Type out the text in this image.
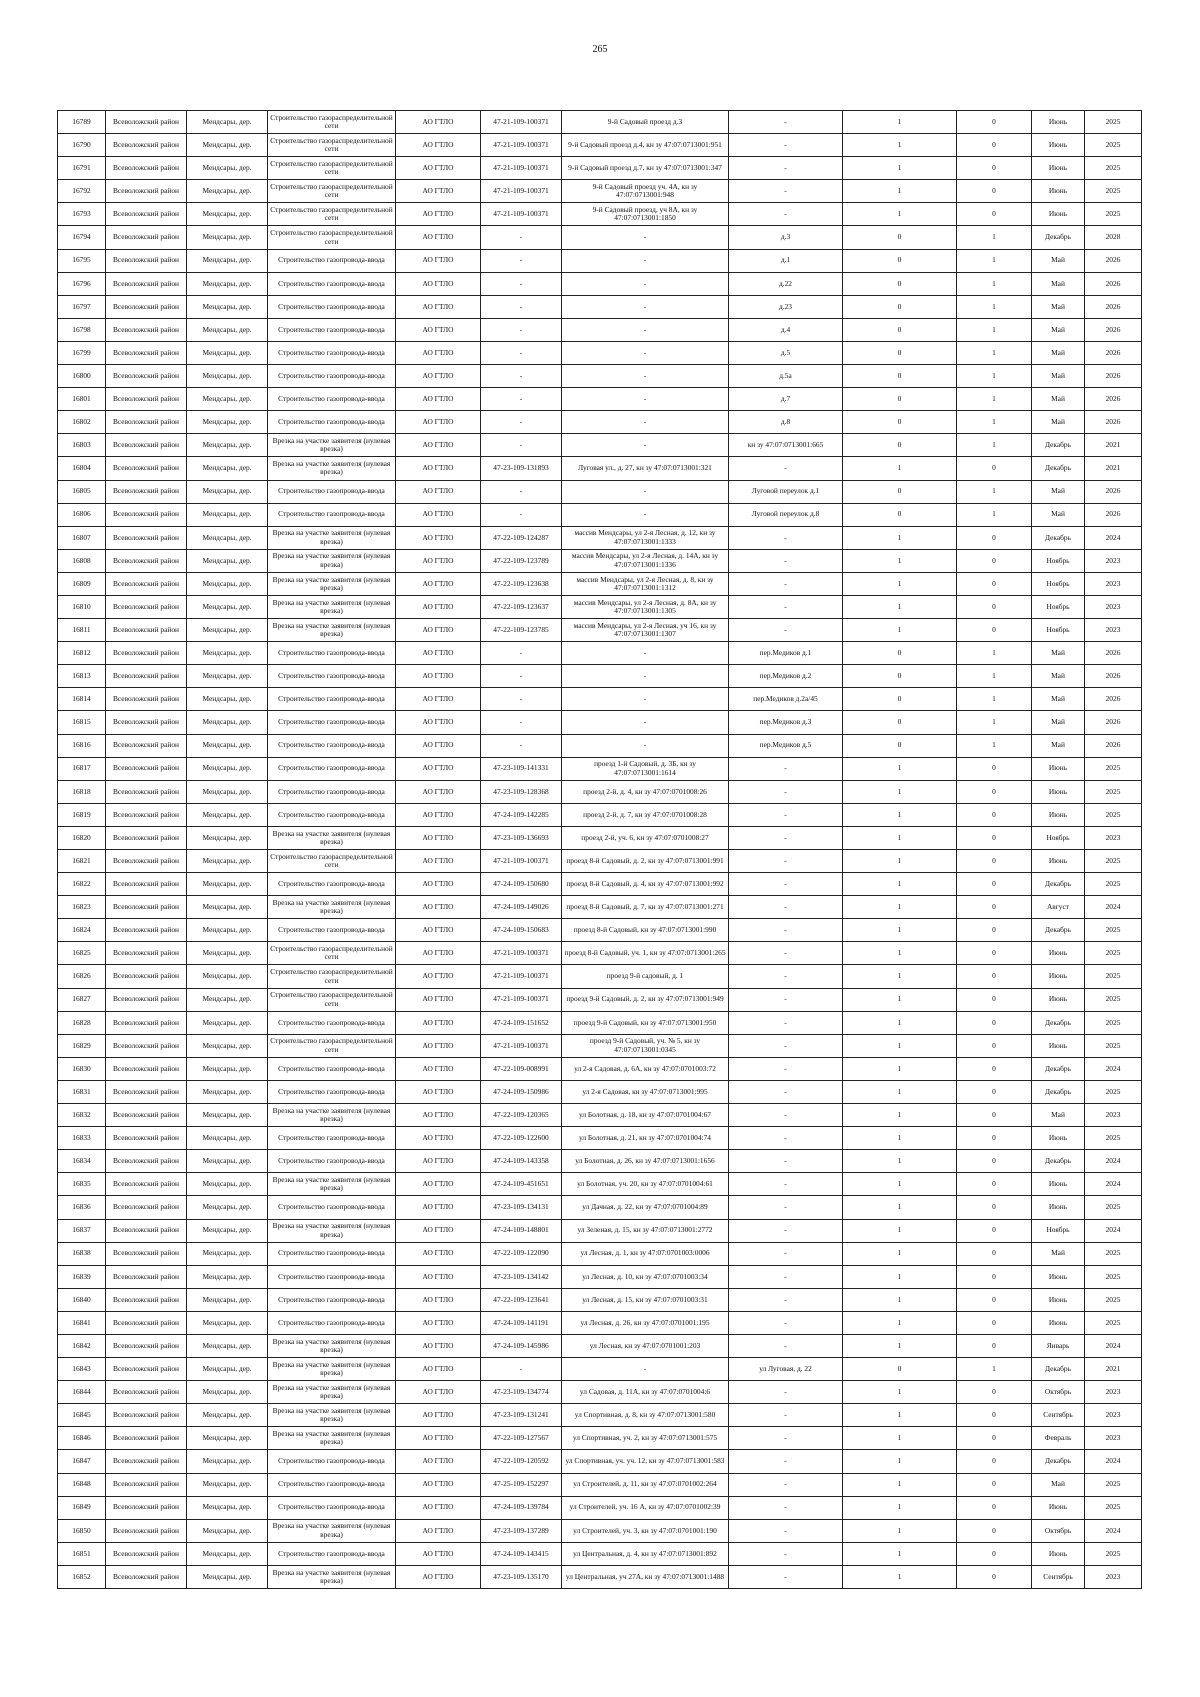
265
16789	Всеволожский район	Мендсары, дер.	Строительство газораспределительной сети	АО ГТЛО	47-21-109-100371	9-й Садовый проезд д.3	-	1	0	Июнь	2025
16790	Всеволожский район	Мендсары, дер.	Строительство газораспределительной сети	АО ГТЛО	47-21-109-100371	9-й Садовый проезд д.4, кн зу 47:07:0713001:951	-	1	0	Июнь	2025
16791	Всеволожский район	Мендсары, дер.	Строительство газораспределительной сети	АО ГТЛО	47-21-109-100371	9-й Садовый проезд д.7, кн зу 47:07:0713001:347	-	1	0	Июнь	2025
16792	Всеволожский район	Мендсары, дер.	Строительство газораспределительной сети	АО ГТЛО	47-21-109-100371	9-й Садовый проезд уч. 4А, кн зу 47:07:0713001:948	-	1	0	Июнь	2025
16793	Всеволожский район	Мендсары, дер.	Строительство газораспределительной сети	АО ГТЛО	47-21-109-100371	9-й Садовый проезд, уч 8А, кн зу 47:07:0713001:1850	-	1	0	Июнь	2025
16794	Всеволожский район	Мендсары, дер.	Строительство газораспределительной сети	АО ГТЛО	-	-	д.3	0	1	Декабрь	2028
16795	Всеволожский район	Мендсары, дер.	Строительство газопровода-ввода	АО ГТЛО	-	-	д.1	0	1	Май	2026
16796	Всеволожский район	Мендсары, дер.	Строительство газопровода-ввода	АО ГТЛО	-	-	д.22	0	1	Май	2026
16797	Всеволожский район	Мендсары, дер.	Строительство газопровода-ввода	АО ГТЛО	-	-	д.23	0	1	Май	2026
16798	Всеволожский район	Мендсары, дер.	Строительство газопровода-ввода	АО ГТЛО	-	-	д.4	0	1	Май	2026
16799	Всеволожский район	Мендсары, дер.	Строительство газопровода-ввода	АО ГТЛО	-	-	д.5	0	1	Май	2026
16800	Всеволожский район	Мендсары, дер.	Строительство газопровода-ввода	АО ГТЛО	-	-	д.5а	0	1	Май	2026
16801	Всеволожский район	Мендсары, дер.	Строительство газопровода-ввода	АО ГТЛО	-	-	д.7	0	1	Май	2026
16802	Всеволожский район	Мендсары, дер.	Строительство газопровода-ввода	АО ГТЛО	-	-	д.8	0	1	Май	2026
16803	Всеволожский район	Мендсары, дер.	Врезка на участке заявителя (нулевая врезка)	АО ГТЛО	-	-	кн зу 47:07:0713001:665	0	1	Декабрь	2021
16804	Всеволожский район	Мендсары, дер.	Врезка на участке заявителя (нулевая врезка)	АО ГТЛО	47-23-109-131893	Луговая ул., д. 27, кн зу 47:07:0713001:321	-	1	0	Декабрь	2021
16805	Всеволожский район	Мендсары, дер.	Строительство газопровода-ввода	АО ГТЛО	-	-	Луговой переулок д.1	0	1	Май	2026
16806	Всеволожский район	Мендсары, дер.	Строительство газопровода-ввода	АО ГТЛО	-	-	Луговой переулок д.8	0	1	Май	2026
16807	Всеволожский район	Мендсары, дер.	Врезка на участке заявителя (нулевая врезка)	АО ГТЛО	47-22-109-124287	массив Мендсары, ул 2-я Лесная, д. 12, кн зу 47:07:0713001:1333	-	1	0	Декабрь	2024
16808	Всеволожский район	Мендсары, дер.	Врезка на участке заявителя (нулевая врезка)	АО ГТЛО	47-22-109-123789	массив Мендсары, ул 2-я Лесная, д. 14А, кн зу 47:07:0713001:1336	-	1	0	Ноябрь	2023
16809	Всеволожский район	Мендсары, дер.	Врезка на участке заявителя (нулевая врезка)	АО ГТЛО	47-22-109-123638	массив Мендсары, ул 2-я Лесная, д. 8, кн зу 47:07:0713001:1312	-	1	0	Ноябрь	2023
16810	Всеволожский район	Мендсары, дер.	Врезка на участке заявителя (нулевая врезка)	АО ГТЛО	47-22-109-123637	массив Мендсары, ул 2-я Лесная, д. 8А, кн зу 47:07:0713001:1305	-	1	0	Ноябрь	2023
16811	Всеволожский район	Мендсары, дер.	Врезка на участке заявителя (нулевая врезка)	АО ГТЛО	47-22-109-123785	массив Мендсары, ул 2-я Лесная, уч 16, кн зу 47:07:0713001:1307	-	1	0	Ноябрь	2023
16812	Всеволожский район	Мендсары, дер.	Строительство газопровода-ввода	АО ГТЛО	-	-	пер.Медиков д.1	0	1	Май	2026
16813	Всеволожский район	Мендсары, дер.	Строительство газопровода-ввода	АО ГТЛО	-	-	пер.Медиков д.2	0	1	Май	2026
16814	Всеволожский район	Мендсары, дер.	Строительство газопровода-ввода	АО ГТЛО	-	-	пер.Медиков д.2а/45	0	1	Май	2026
16815	Всеволожский район	Мендсары, дер.	Строительство газопровода-ввода	АО ГТЛО	-	-	пер.Медиков д.3	0	1	Май	2026
16816	Всеволожский район	Мендсары, дер.	Строительство газопровода-ввода	АО ГТЛО	-	-	пер.Медиков д.5	0	1	Май	2026
16817	Всеволожский район	Мендсары, дер.	Строительство газопровода-ввода	АО ГТЛО	47-23-109-141331	проезд 1-й Садовый, д. 3Б, кн зу 47:07:0713001:1614	-	1	0	Июнь	2025
16818	Всеволожский район	Мендсары, дер.	Строительство газопровода-ввода	АО ГТЛО	47-23-109-128368	проезд 2-й, д. 4, кн зу 47:07:0701008:26	-	1	0	Июнь	2025
16819	Всеволожский район	Мендсары, дер.	Строительство газопровода-ввода	АО ГТЛО	47-24-109-142285	проезд 2-й, д. 7, кн зу 47:07:0701008:28	-	1	0	Июнь	2025
16820	Всеволожский район	Мендсары, дер.	Врезка на участке заявителя (нулевая врезка)	АО ГТЛО	47-23-109-136693	проезд 2-й, уч. 6, кн зу 47:07:0701008:27	-	1	0	Ноябрь	2023
16821	Всеволожский район	Мендсары, дер.	Строительство газораспределительной сети	АО ГТЛО	47-21-109-100371	проезд 8-й Садовый, д. 2, кн зу 47:07:0713001:991	-	1	0	Июнь	2025
16822	Всеволожский район	Мендсары, дер.	Строительство газопровода-ввода	АО ГТЛО	47-24-109-150680	проезд 8-й Садовый, д. 4, кн зу 47:07:0713001:992	-	1	0	Декабрь	2025
16823	Всеволожский район	Мендсары, дер.	Врезка на участке заявителя (нулевая врезка)	АО ГТЛО	47-24-109-149026	проезд 8-й Садовый, д. 7, кн зу 47:07:0713001:271	-	1	0	Август	2024
16824	Всеволожский район	Мендсары, дер.	Строительство газопровода-ввода	АО ГТЛО	47-24-109-150683	проезд 8-й Садовый, кн зу 47:07:0713001:990	-	1	0	Декабрь	2025
16825	Всеволожский район	Мендсары, дер.	Строительство газораспределительной сети	АО ГТЛО	47-21-109-100371	проезд 8-й Садовый, уч. 1, кн зу 47:07:0713001:265	-	1	0	Июнь	2025
16826	Всеволожский район	Мендсары, дер.	Строительство газораспределительной сети	АО ГТЛО	47-21-109-100371	проезд 9-й садовый, д. 1	-	1	0	Июнь	2025
16827	Всеволожский район	Мендсары, дер.	Строительство газораспределительной сети	АО ГТЛО	47-21-109-100371	проезд 9-й Садовый, д. 2, кн зу 47:07:0713001:949	-	1	0	Июнь	2025
16828	Всеволожский район	Мендсары, дер.	Строительство газопровода-ввода	АО ГТЛО	47-24-109-151652	проезд 9-й Садовый, кн зу 47:07:0713001:950	-	1	0	Декабрь	2025
16829	Всеволожский район	Мендсары, дер.	Строительство газораспределительной сети	АО ГТЛО	47-21-109-100371	проезд 9-й Садовый, уч. № 5, кн зу 47:07:0713001:0345	-	1	0	Июнь	2025
16830	Всеволожский район	Мендсары, дер.	Строительство газопровода-ввода	АО ГТЛО	47-22-109-008991	ул 2-я Садовая, д. 6А, кн зу 47:07:0701003:72	-	1	0	Декабрь	2024
16831	Всеволожский район	Мендсары, дер.	Строительство газопровода-ввода	АО ГТЛО	47-24-109-150986	ул 2-я Садовая, кн зу 47:07:0713001:995	-	1	0	Декабрь	2025
16832	Всеволожский район	Мендсары, дер.	Врезка на участке заявителя (нулевая врезка)	АО ГТЛО	47-22-109-120365	ул Болотная, д. 18, кн зу 47:07:0701004:67	-	1	0	Май	2023
16833	Всеволожский район	Мендсары, дер.	Строительство газопровода-ввода	АО ГТЛО	47-22-109-122600	ул Болотная, д. 21, кн зу 47:07:0701004:74	-	1	0	Июнь	2025
16834	Всеволожский район	Мендсары, дер.	Строительство газопровода-ввода	АО ГТЛО	47-24-109-143358	ул Болотная, д. 26, кн зу 47:07:0713001:1656	-	1	0	Декабрь	2024
16835	Всеволожский район	Мендсары, дер.	Врезка на участке заявителя (нулевая врезка)	АО ГТЛО	47-24-109-451651	ул Болотная, уч. 20, кн зу 47:07:0701004:61	-	1	0	Июнь	2024
16836	Всеволожский район	Мендсары, дер.	Строительство газопровода-ввода	АО ГТЛО	47-23-109-134131	ул Дачная, д. 22, кн зу 47:07:0701004:89	-	1	0	Июнь	2025
16837	Всеволожский район	Мендсары, дер.	Врезка на участке заявителя (нулевая врезка)	АО ГТЛО	47-24-109-148801	ул Зеленая, д. 15, кн зу 47:07:0713001:2772	-	1	0	Ноябрь	2024
16838	Всеволожский район	Мендсары, дер.	Строительство газопровода-ввода	АО ГТЛО	47-22-109-122090	ул Лесная, д. 1, кн зу 47:07:0701003:0006	-	1	0	Май	2025
16839	Всеволожский район	Мендсары, дер.	Строительство газопровода-ввода	АО ГТЛО	47-23-109-134142	ул Лесная, д. 10, кн зу 47:07:0701003:34	-	1	0	Июнь	2025
16840	Всеволожский район	Мендсары, дер.	Строительство газопровода-ввода	АО ГТЛО	47-22-109-123641	ул Лесная, д. 15, кн зу 47:07:0701003:31	-	1	0	Июнь	2025
16841	Всеволожский район	Мендсары, дер.	Строительство газопровода-ввода	АО ГТЛО	47-24-109-141191	ул Лесная, д. 26, кн зу 47:07:0701001:195	-	1	0	Июнь	2025
16842	Всеволожский район	Мендсары, дер.	Врезка на участке заявителя (нулевая врезка)	АО ГТЛО	47-24-109-145986	ул Лесная, кн зу 47:07:0701001:203	-	1	0	Январь	2024
16843	Всеволожский район	Мендсары, дер.	Врезка на участке заявителя (нулевая врезка)	АО ГТЛО	-	-	ул Луговая, д. 22	0	1	Декабрь	2021
16844	Всеволожский район	Мендсары, дер.	Врезка на участке заявителя (нулевая врезка)	АО ГТЛО	47-23-109-134774	ул Садовая, д. 11А, кн зу 47:07:0701004:6	-	1	0	Октябрь	2023
16845	Всеволожский район	Мендсары, дер.	Врезка на участке заявителя (нулевая врезка)	АО ГТЛО	47-23-109-131241	ул Спортивная, д. 8, кн зу 47:07:0713001:580	-	1	0	Сентябрь	2023
16846	Всеволожский район	Мендсары, дер.	Врезка на участке заявителя (нулевая врезка)	АО ГТЛО	47-22-109-127567	ул Спортивная, уч. 2, кн зу 47:07:0713001:575	-	1	0	Февраль	2023
16847	Всеволожский район	Мендсары, дер.	Строительство газопровода-ввода	АО ГТЛО	47-22-109-120592	ул Спортивная, уч. уч. 12, кн зу 47:07:0713001:583	-	1	0	Декабрь	2024
16848	Всеволожский район	Мендсары, дер.	Строительство газопровода-ввода	АО ГТЛО	47-25-109-152297	ул Строителей, д. 11, кн зу 47:07:0701002:264	-	1	0	Май	2025
16849	Всеволожский район	Мендсары, дер.	Строительство газопровода-ввода	АО ГТЛО	47-24-109-139784	ул Строителей, уч. 16 А, кн зу 47:07:0701002:39	-	1	0	Июнь	2025
16850	Всеволожский район	Мендсары, дер.	Врезка на участке заявителя (нулевая врезка)	АО ГТЛО	47-23-109-137289	ул Строителей, уч. 3, кн зу 47:07:0701001:190	-	1	0	Октябрь	2024
16851	Всеволожский район	Мендсары, дер.	Строительство газопровода-ввода	АО ГТЛО	47-24-109-143415	ул Центральная, д. 4, кн зу 47:07:0713001:892	-	1	0	Июнь	2025
16852	Всеволожский район	Мендсары, дер.	Врезка на участке заявителя (нулевая врезка)	АО ГТЛО	47-23-109-135170	ул Центральная, уч 27А, кн зу 47:07:0713001:1488	-	1	0	Сентябрь	2023
